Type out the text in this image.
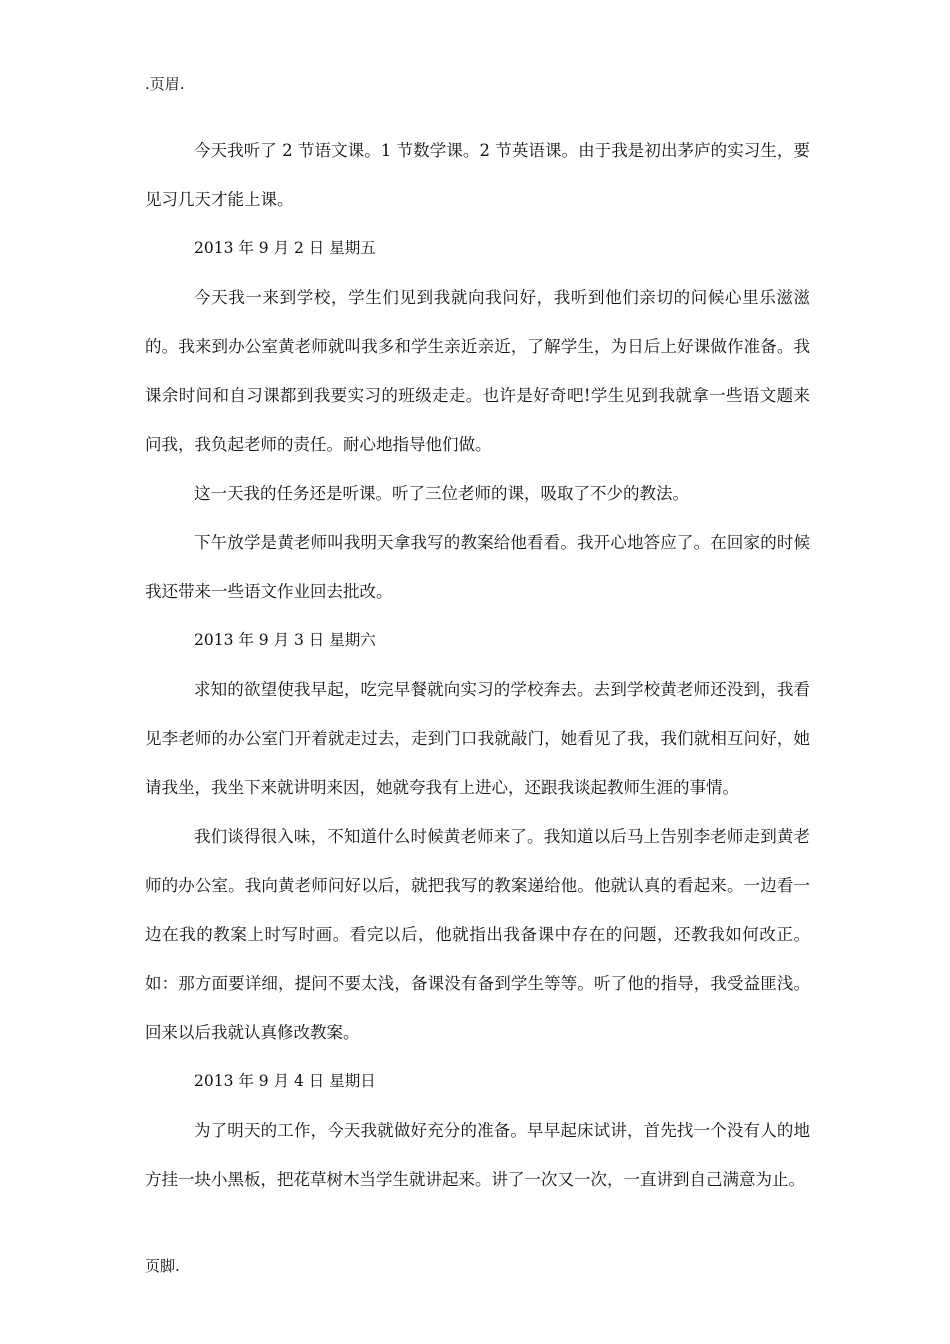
.页眉.

今天我听了 2 节语文课。1 节数学课。2 节英语课。由于我是初出茅庐的实习生，要见习几天才能上课。

2013 年 9 月 2 日 星期五

今天我一来到学校，学生们见到我就向我问好，我听到他们亲切的问候心里乐滋滋的。我来到办公室黄老师就叫我多和学生亲近亲近，了解学生，为日后上好课做作准备。我课余时间和自习课都到我要实习的班级走走。也许是好奇吧!学生见到我就拿一些语文题来问我，我负起老师的责任。耐心地指导他们做。

这一天我的任务还是听课。听了三位老师的课，吸取了不少的教法。

下午放学是黄老师叫我明天拿我写的教案给他看看。我开心地答应了。在回家的时候我还带来一些语文作业回去批改。

2013 年 9 月 3 日 星期六

求知的欲望使我早起，吃完早餐就向实习的学校奔去。去到学校黄老师还没到，我看见李老师的办公室门开着就走过去，走到门口我就敲门，她看见了我，我们就相互问好，她请我坐，我坐下来就讲明来因，她就夸我有上进心，还跟我谈起教师生涯的事情。

我们谈得很入味，不知道什么时候黄老师来了。我知道以后马上告别李老师走到黄老师的办公室。我向黄老师问好以后，就把我写的教案递给他。他就认真的看起来。一边看一边在我的教案上时写时画。看完以后，他就指出我备课中存在的问题，还教我如何改正。如：那方面要详细，提问不要太浅，备课没有备到学生等等。听了他的指导，我受益匪浅。回来以后我就认真修改教案。

2013 年 9 月 4 日 星期日

为了明天的工作，今天我就做好充分的准备。早早起床试讲，首先找一个没有人的地方挂一块小黑板，把花草树木当学生就讲起来。讲了一次又一次，一直讲到自己满意为止。

页脚.
